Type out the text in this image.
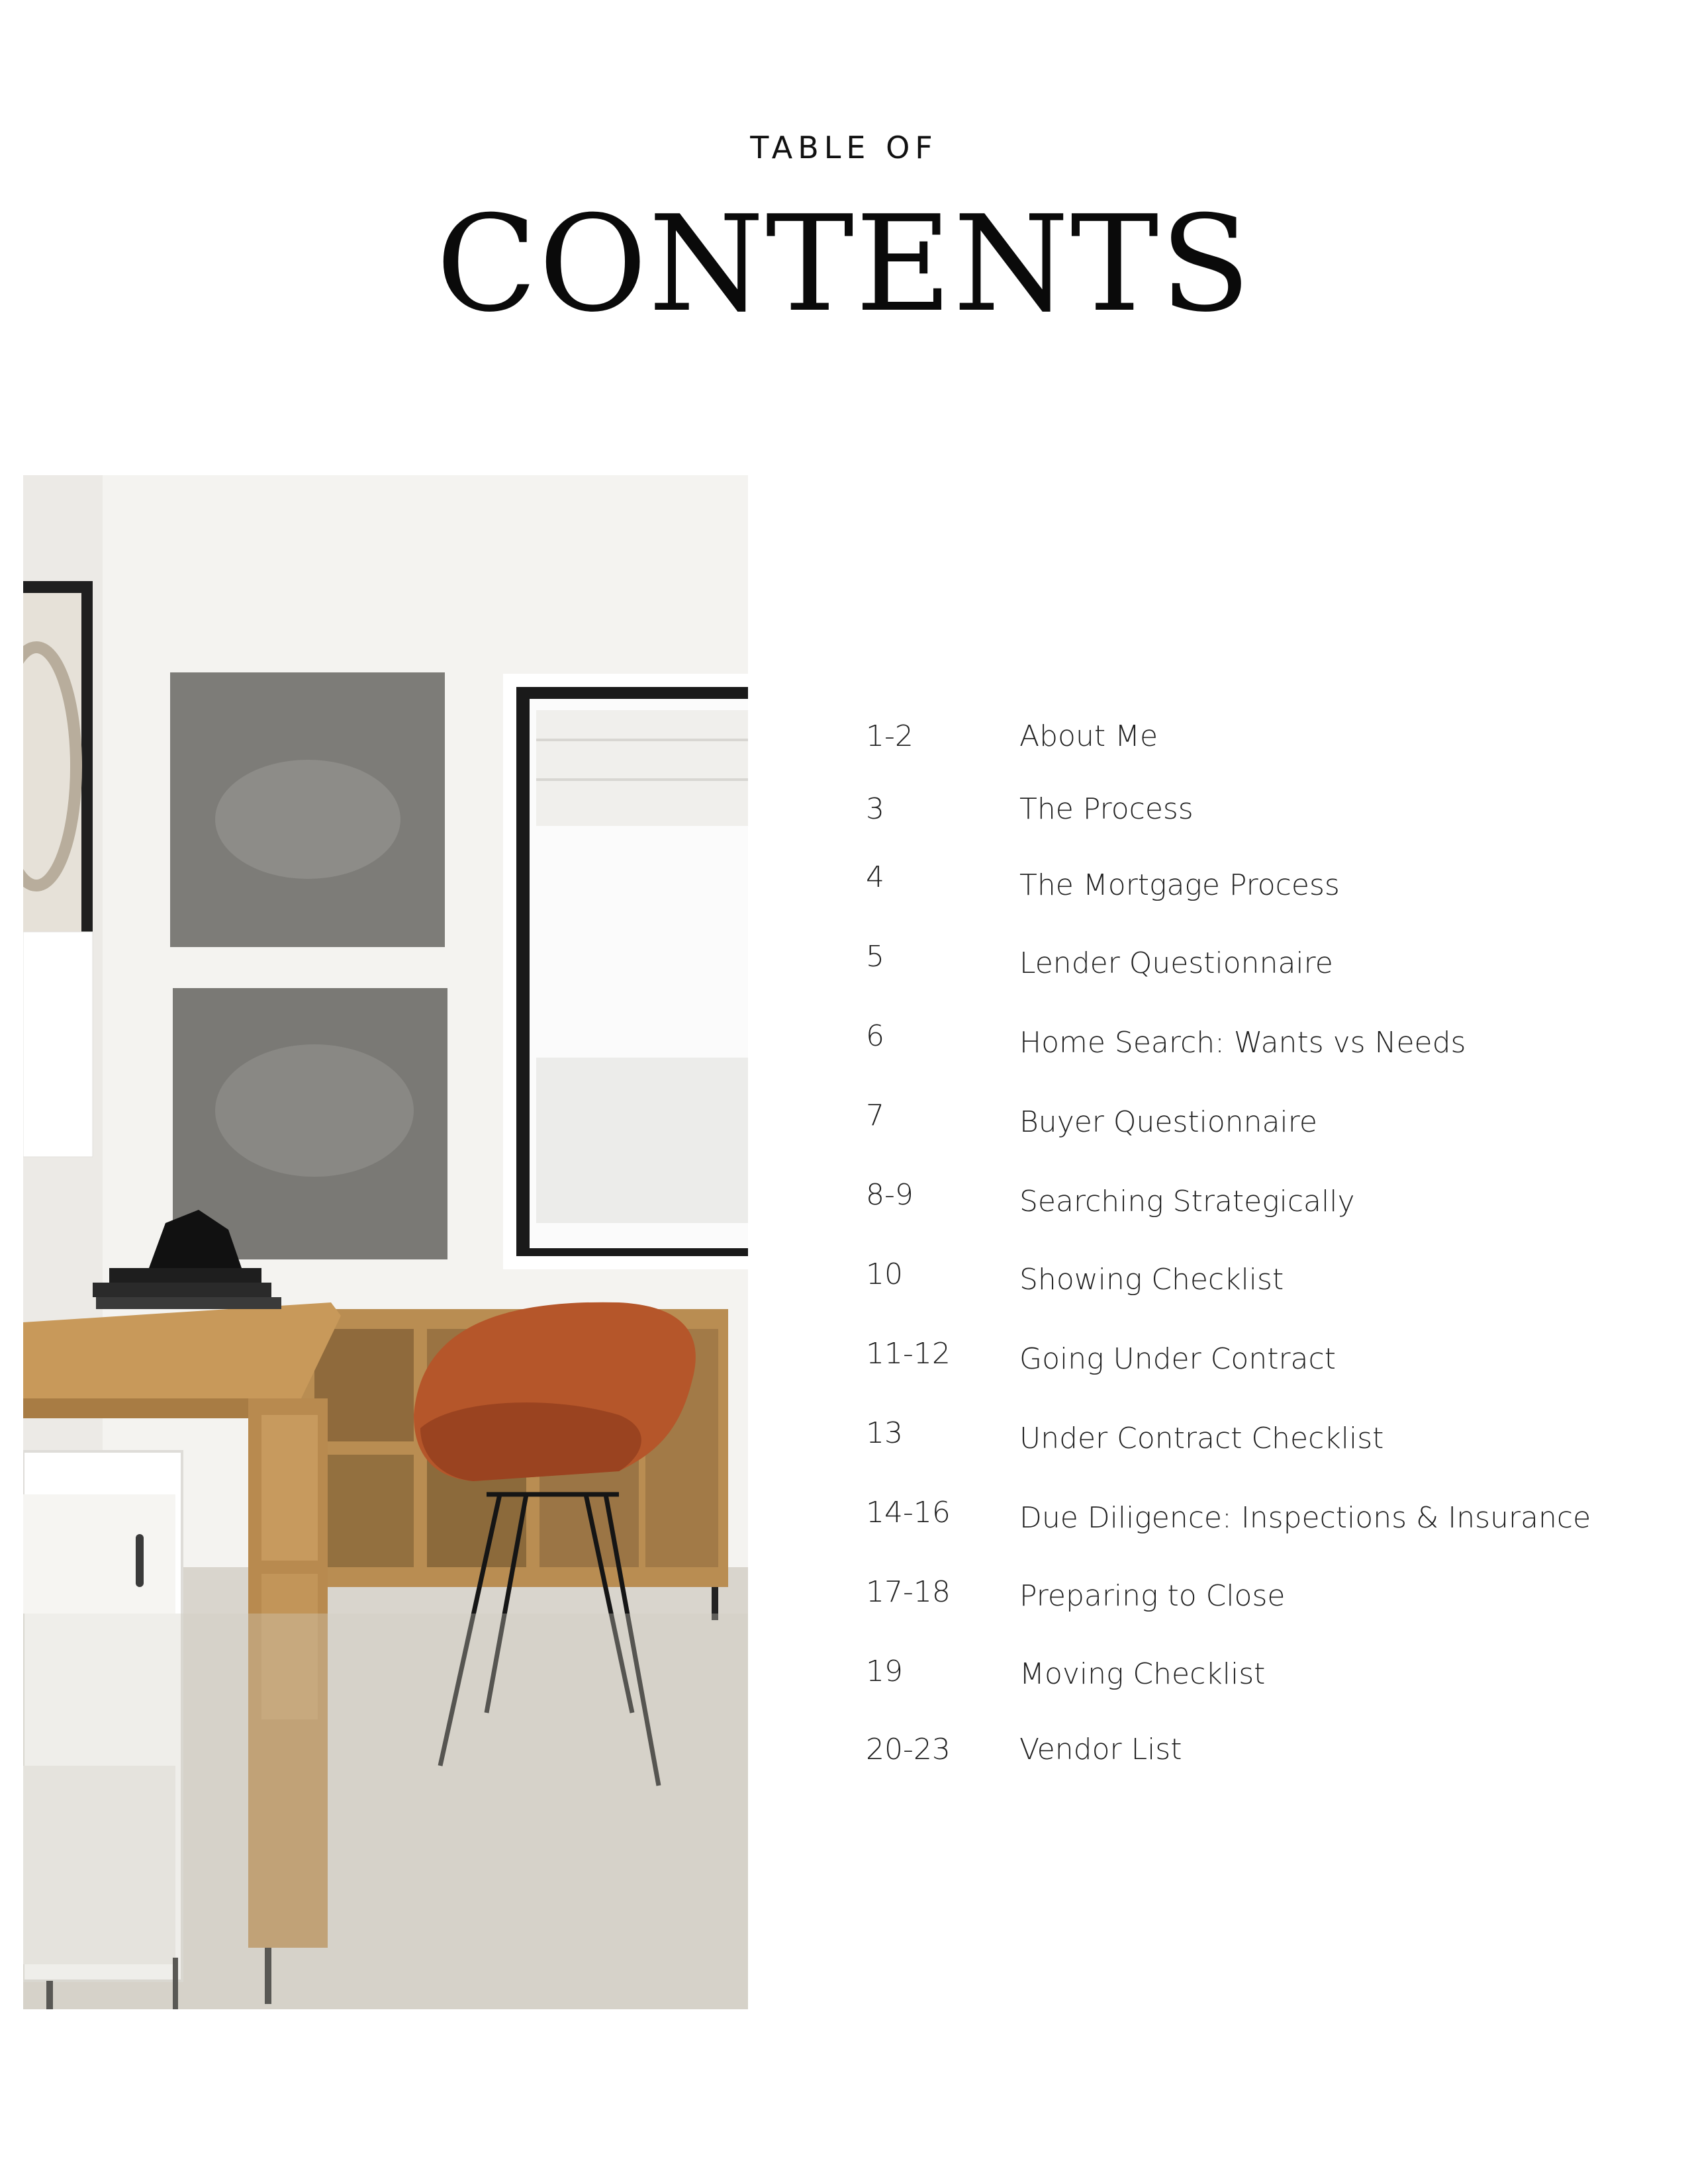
TABLE OF
CONTENTS
1-2	About Me
3	The Process
4	The Mortgage Process
5	Lender Questionnaire
6	Home Search: Wants vs Needs
7	Buyer Questionnaire
8-9	Searching Strategically
10	Showing Checklist
11-12 Going Under Contract
13	Under Contract Checklist
14-16 Due Diligence: Inspections & Insurance
17-18 Preparing to Close
19	Moving Checklist
20-23 Vendor List
